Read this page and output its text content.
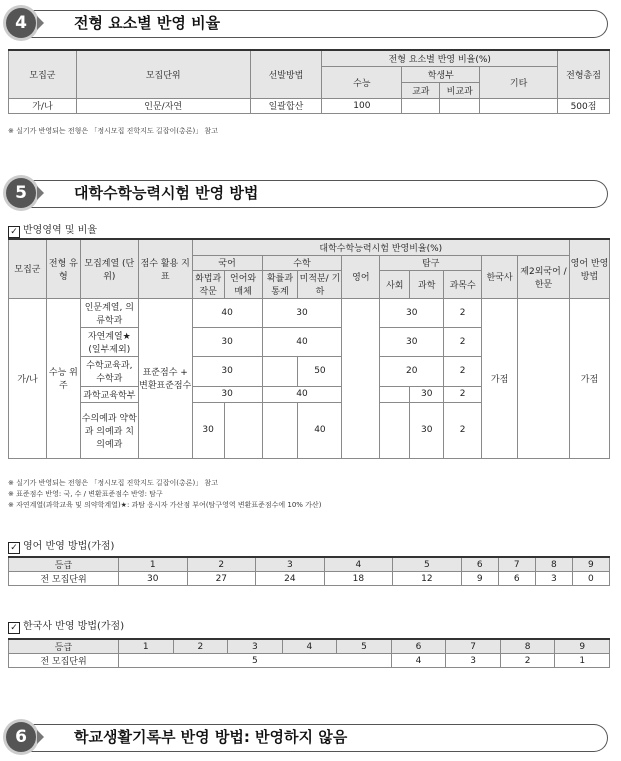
4	전형 요소별 반영 비율
모집군	모집단위	선발방법	전형 요소별 반영 비율(%)				전형총점
			수능	학생부		기타	
				교과	비교과		
가/나	인문/자연	일괄합산	100				500점
※ 실기가 반영되는 전형은 「정시모집 진학지도 길잡이(총론)」 참고
5	대학수학능력시험 반영 방법
✓ 반영영역 및 비율
모집군	전형 유형	모집계열 (단위)	점수 활용 지표	대학수학능력시험 반영비율(%)										영어 반영 방법
				국어		수학		영어	탐구			한국사	제2외국어 /한문	
				화법과 작문	언어와 매체	확률과 통계	미적분/ 기하		사회	과학	과목수			
가/나	수능 위주	인문계열, 의류학과	표준점수 + 변환표준점수	40		30			30		2	가점		가점
		자연계열★ (일부제외)		30		40			30		2			
		수학교육과, 수학과		30			50		20		2			
		과학교육학부		30		40				30	2			
		수의예과 약학과 의예과 치의예과		30			40			30	2			
※ 실기가 반영되는 전형은 「정시모집 진학지도 길잡이(총론)」 참고
※ 표준점수 반영: 국, 수 / 변환표준점수 반영: 탐구
※ 자연계열(과학교육 및 의약학계열)★: 과탐 응시자 가산점 부여(탐구영역 변환표준점수에 10% 가산)
✓ 영어 반영 방법(가점)
등급	1	2	3	4	5	6	7	8	9
전 모집단위	30	27	24	18	12	9	6	3	0
✓ 한국사 반영 방법(가점)
등급	1	2	3	4	5	6	7	8	9
전 모집단위	5					4	3	2	1
6	학교생활기록부 반영 방법: 반영하지 않음
